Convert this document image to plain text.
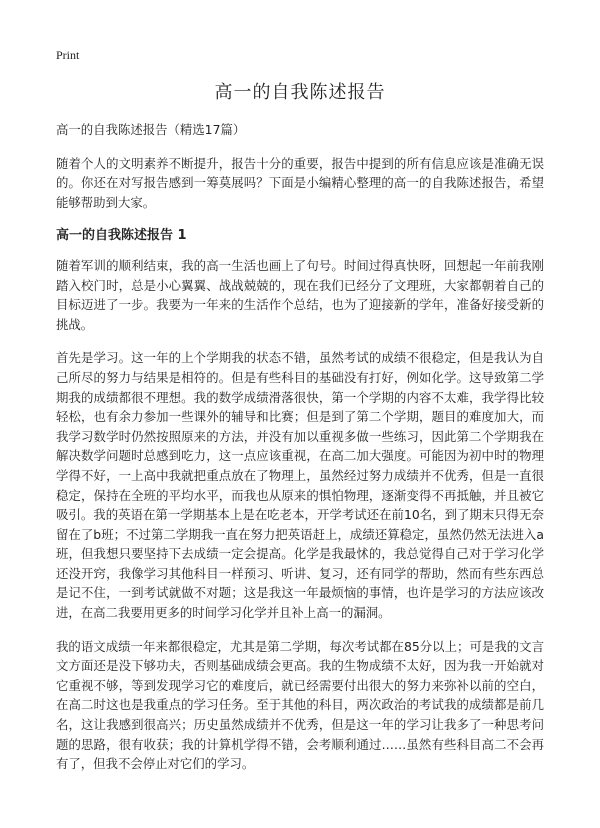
Print
高一的自我陈述报告

高一的自我陈述报告（精选17篇）

随着个人的文明素养不断提升，报告十分的重要，报告中提到的所有信息应该是准确无误的。你还在对写报告感到一筹莫展吗？下面是小编精心整理的高一的自我陈述报告，希望能够帮助到大家。

高一的自我陈述报告 1

随着军训的顺利结束，我的高一生活也画上了句号。时间过得真快呀，回想起一年前我刚踏入校门时，总是小心翼翼、战战兢兢的，现在我们已经分了文理班，大家都朝着自己的目标迈进了一步。我要为一年来的生活作个总结，也为了迎接新的学年，准备好接受新的挑战。

首先是学习。这一年的上个学期我的状态不错，虽然考试的成绩不很稳定，但是我认为自己所尽的努力与结果是相符的。但是有些科目的基础没有打好，例如化学。这导致第二学期我的成绩都很不理想。我的数学成绩滑落很快，第一个学期的内容不太难，我学得比较轻松，也有余力参加一些课外的辅导和比赛；但是到了第二个学期，题目的难度加大，而我学习数学时仍然按照原来的方法，并没有加以重视多做一些练习，因此第二个学期我在解决数学问题时总感到吃力，这一点应该重视，在高二加大强度。可能因为初中时的物理学得不好，一上高中我就把重点放在了物理上，虽然经过努力成绩并不优秀，但是一直很稳定，保持在全班的平均水平，而我也从原来的惧怕物理，逐渐变得不再抵触，并且被它吸引。我的英语在第一学期基本上是在吃老本，开学考试还在前10名，到了期末只得无奈留在了b班；不过第二学期我一直在努力把英语赶上，成绩还算稳定，虽然仍然无法进入a班，但我想只要坚持下去成绩一定会提高。化学是我最怵的，我总觉得自己对于学习化学还没开窍，我像学习其他科目一样预习、听讲、复习，还有同学的帮助，然而有些东西总是记不住，一到考试就做不对题；这是我这一年最烦恼的事情，也许是学习的方法应该改进，在高二我要用更多的时间学习化学并且补上高一的漏洞。

我的语文成绩一年来都很稳定，尤其是第二学期，每次考试都在85分以上；可是我的文言文方面还是没下够功夫，否则基础成绩会更高。我的生物成绩不太好，因为我一开始就对它重视不够，等到发现学习它的难度后，就已经需要付出很大的努力来弥补以前的空白，在高二时这也是我重点的学习任务。至于其他的科目，两次政治的考试我的成绩都是前几名，这让我感到很高兴；历史虽然成绩并不优秀，但是这一年的学习让我多了一种思考问题的思路，很有收获；我的计算机学得不错，会考顺利通过……虽然有些科目高二不会再有了，但我不会停止对它们的学习。
